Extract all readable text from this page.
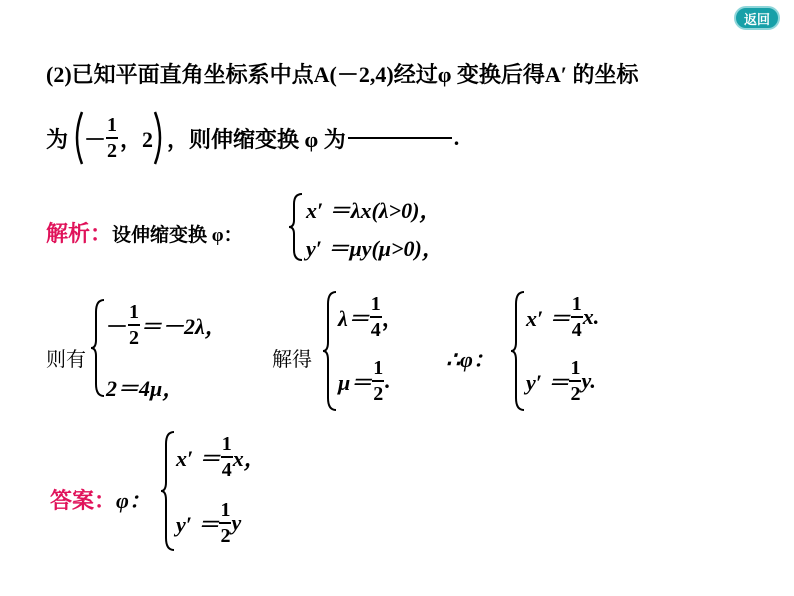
返回
(2)已知平面直角坐标系中点A(－2,4)经过φ 变换后得A′ 的坐标
为 － $\frac{1}{2}$ ，2 ，则伸缩变换 φ 为	.
解析：设伸缩变换 φ：
x′ ＝λx(λ>0)，
y′ ＝μy(μ>0)，
则有
－ $\frac{1}{2} =-2\lambda$，
2＝4μ，
解得
$\lambda= \frac{1}{4}$ ，
$\mu= \frac{1}{2}$ .
∴φ：
$x' = \frac{1}{4} x$.
$y' = \frac{1}{2} y$.
答案：φ：
$x' = \frac{1}{4}$ x，
$y' = \frac{1}{2}$ y
